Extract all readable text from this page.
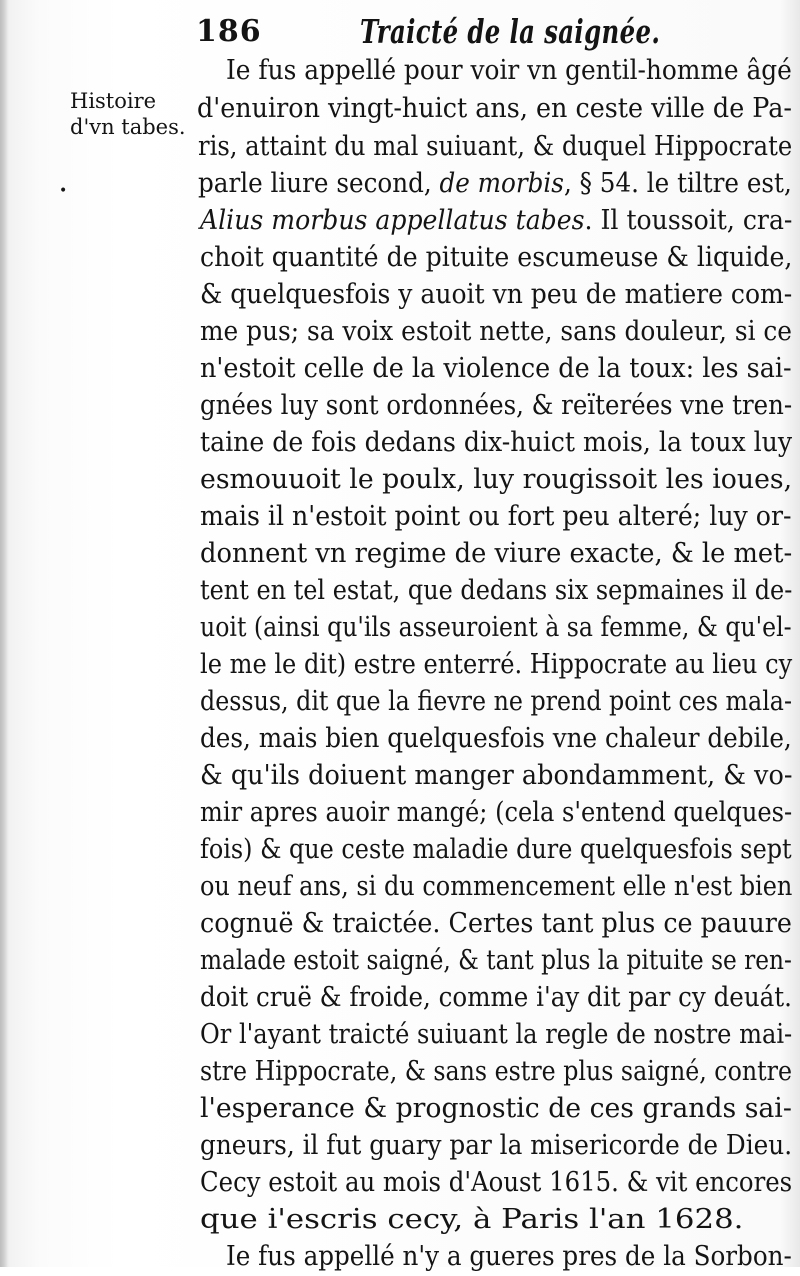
186	Traicté de la saignée.
Histoire
d'vn tabes.
•
Ie fus appellé pour voir vn gentil-homme âgé
d'enuiron vingt-huict ans, en ceste ville de Pa-
ris, attaint du mal suiuant, & duquel Hippocrate
parle liure second, de morbis, § 54. le tiltre est,
Alius morbus appellatus tabes. Il toussoit, cra-
choit quantité de pituite escumeuse & liquide,
& quelquesfois y auoit vn peu de matiere com-
me pus; sa voix estoit nette, sans douleur, si ce
n'estoit celle de la violence de la toux: les sai-
gnées luy sont ordonnées, & reïterées vne tren-
taine de fois dedans dix-huict mois, la toux luy
esmouuoit le poulx, luy rougissoit les ioues,
mais il n'estoit point ou fort peu alteré; luy or-
donnent vn regime de viure exacte, & le met-
tent en tel estat, que dedans six sepmaines il de-
uoit (ainsi qu'ils asseuroient à sa femme, & qu'el-
le me le dit) estre enterré. Hippocrate au lieu cy
dessus, dit que la fievre ne prend point ces mala-
des, mais bien quelquesfois vne chaleur debile,
& qu'ils doiuent manger abondamment, & vo-
mir apres auoir mangé; (cela s'entend quelques-
fois) & que ceste maladie dure quelquesfois sept
ou neuf ans, si du commencement elle n'est bien
cognuë & traictée. Certes tant plus ce pauure
malade estoit saigné, & tant plus la pituite se ren-
doit cruë & froide, comme i'ay dit par cy deuát.
Or l'ayant traicté suiuant la regle de nostre mai-
stre Hippocrate, & sans estre plus saigné, contre
l'esperance & prognostic de ces grands sai-
gneurs, il fut guary par la misericorde de Dieu.
Cecy estoit au mois d'Aoust 1615. & vit encores
que i'escris cecy, à Paris l'an 1628.
Ie fus appellé n'y a gueres pres de la Sorbon-
